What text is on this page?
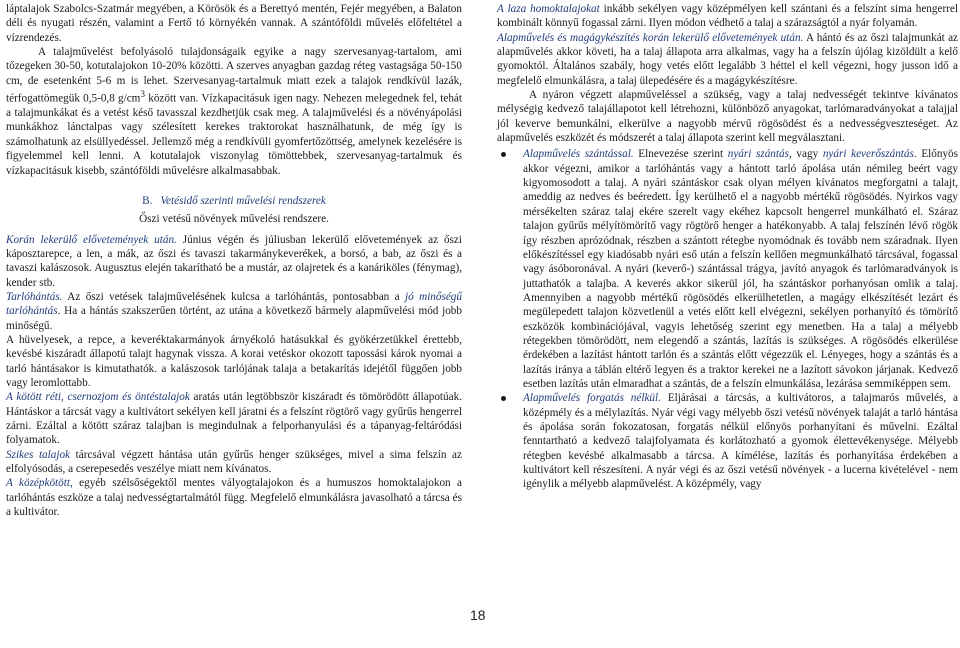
láptalajok Szabolcs-Szatmár megyében, a Körösök és a Berettyó mentén, Fejér megyében, a Balaton déli és nyugati részén, valamint a Fertő tó környékén vannak. A szántóföldi művelés előfeltétel a vízrendezés.

A talajművelést befolyásoló tulajdonságaik egyike a nagy szervesanyag-tartalom, ami tőzegeken 30-50, kotutalajokon 10-20% közötti. A szerves anyagban gazdag réteg vastagsága 50-150 cm, de esetenként 5-6 m is lehet. Szervesanyag-tartalmuk miatt ezek a talajok rendkívül lazák, térfogattömegük 0,5-0,8 $g/cm^3$ között van. Vízkapacitásuk igen nagy. Nehezen melegednek fel, tehát a talajmunkákat és a vetést késő tavasszal kezdhetjük csak meg. A talajművelési és a növényápolási munkákhoz lánctalpas vagy szélesített kerekes traktorokat használhatunk, de még így is számolhatunk az elsüllyedéssel. Jellemző még a rendkívüli gyomfertőzöttség, amelynek kezelésére is figyelemmel kell lenni. A kotutalajok viszonylag tömöttebbek, szervesanyag-tartalmuk és vízkapacitásuk kisebb, szántóföldi művelésre alkalmasabbak.

B. Vetésidő szerinti művelési rendszerek

Őszi vetésű növények művelési rendszere.

Korán lekerülő elővetemények után. Június végén és júliusban lekerülő elővetemények az őszi káposztarepce, a len, a mák, az őszi és tavaszi takarmánykeverékek, a borsó, a bab, az őszi és a tavaszi kalászosok. Augusztus elején takarítható be a mustár, az olajretek és a kanáriköles (fénymag), kender stb.

Tarlóhántás. Az őszi vetések talajművelésének kulcsa a tarlóhántás, pontosabban a jó minőségű tarlóhántás. Ha a hántás szakszerűen történt, az utána a következő bármely alapművelési mód jobb minőségű.

A hüvelyesek, a repce, a keveréktakarmányok árnyékoló hatásukkal és gyökérzetükkel érettebb, kevésbé kiszáradt állapotú talajt hagynak vissza. A korai vetéskor okozott tapossási károk nyomai a tarló hántásakor is kimutathatók. a kalászosok tarlójának talaja a betakarítás idejétől függően jobb vagy leromlottabb.

A kötött réti, csernozjom és öntéstalajok aratás után legtöbbször kiszáradt és tömörödött állapotúak. Hántáskor a tárcsát vagy a kultivátort sekélyen kell járatni és a felszínt rögtörő vagy gyűrűs hengerrel zárni. Ezáltal a kötött száraz talajban is megindulnak a felporhanyulási és a tápanyag-feltáródási folyamatok.

Szikes talajok tárcsával végzett hántása után gyűrűs henger szükséges, mivel a sima felszín az elfolyósodás, a cserepesedés veszélye miatt nem kívánatos.

A középkötött, egyéb szélsőségektől mentes vályogtalajokon és a humuszos homoktalajokon a tarlóhántás eszköze a talaj nedvességtartalmától függ. Megfelelő elmunkálásra javasolható a tárcsa és a kultivátor.

A laza homoktalajokat inkább sekélyen vagy középmélyen kell szántani és a felszínt sima hengerrel kombinált könnyű fogassal zárni. Ilyen módon védhető a talaj a szárazságtól a nyár folyamán.

Alapművelés és magágykészítés korán lekerülő elővetemények után. A hántó és az őszi talajmunkát az alapművelés akkor követi, ha a talaj állapota arra alkalmas, vagy ha a felszín újólag kizöldült a kelő gyomoktól. Általános szabály, hogy vetés előtt legalább 3 héttel el kell végezni, hogy jusson idő a megfelelő elmunkálásra, a talaj ülepedésére és a magágykészítésre.

A nyáron végzett alapműveléssel a szükség, vagy a talaj nedvességét tekintve kívánatos mélységig kedvező talajállapotot kell létrehozni, különböző anyagokat, tarlómaradványokat a talajjal jól keverve bemunkálni, elkerülve a nagyobb mérvű rögösödést és a nedvességveszteséget. Az alapművelés eszközét és módszerét a talaj állapota szerint kell megválasztani.

Alapművelés szántással. Elnevezése szerint nyári szántás, vagy nyári keverőszántás. Előnyös akkor végezni, amikor a tarlóhántás vagy a hántott tarló ápolása után némileg beért vagy kigyomosodott a talaj. A nyári szántáskor csak olyan mélyen kívánatos megforgatni a talajt, ameddig az nedves és beéredett. Így kerülhető el a nagyobb mértékű rögösödés. Nyirkos vagy mérsékelten száraz talaj ekére szerelt vagy ekéhez kapcsolt hengerrel munkálható el. Száraz talajon gyűrűs mélyítömörítő vagy rögtörő henger a hatékonyabb. A talaj felszínén lévő rögök így részben aprózódnak, részben a szántott rétegbe nyomódnak és tovább nem száradnak. Ilyen előkészítéssel egy kiadósabb nyári eső után a felszín kellően megmunkálható tárcsával, fogassal vagy ásóboronával. A nyári (keverő-) szántással trágya, javító anyagok és tarlómaradványok is juttathatók a talajba. A keverés akkor sikerül jól, ha szántáskor porhanyósan omlik a talaj. Amennyiben a nagyobb mértékű rögösödés elkerülhetetlen, a magágy elkészítését lezárt és megülepedett talajon közvetlenül a vetés előtt kell elvégezni, sekélyen porhanyító és tömörítő eszközök kombinációjával, vagyis lehetőség szerint egy menetben. Ha a talaj a mélyebb rétegekben tömörödött, nem elegendő a szántás, lazítás is szükséges. A rögösödés elkerülése érdekében a lazítást hántott tarlón és a szántás előtt végezzük el. Lényeges, hogy a szántás és a lazítás iránya a táblán eltérő legyen és a traktor kerekei ne a lazított sávokon járjanak. Kedvező esetben lazítás után elmaradhat a szántás, de a felszín elmunkálása, lezárása semmiképpen sem.
Alapművelés forgatás nélkül. Eljárásai a tárcsás, a kultivátoros, a talajmarós művelés, a középmély és a mélylazítás. Nyár végi vagy mélyebb őszi vetésű növények talaját a tarló hántása és ápolása során fokozatosan, forgatás nélkül előnyös porhanyítani és művelni. Ezáltal fenntartható a kedvező talajfolyamata és korlátozható a gyomok élettevékenysége. Mélyebb rétegben kevésbé alkalmasabb a tárcsa. A kímélése, lazítás és porhanyítása érdekében a kultivátort kell részesíteni. A nyár végi és az őszi vetésű növények - a lucerna kivételével - nem igénylik a mélyebb alapművelést. A középmély, vagy
18
